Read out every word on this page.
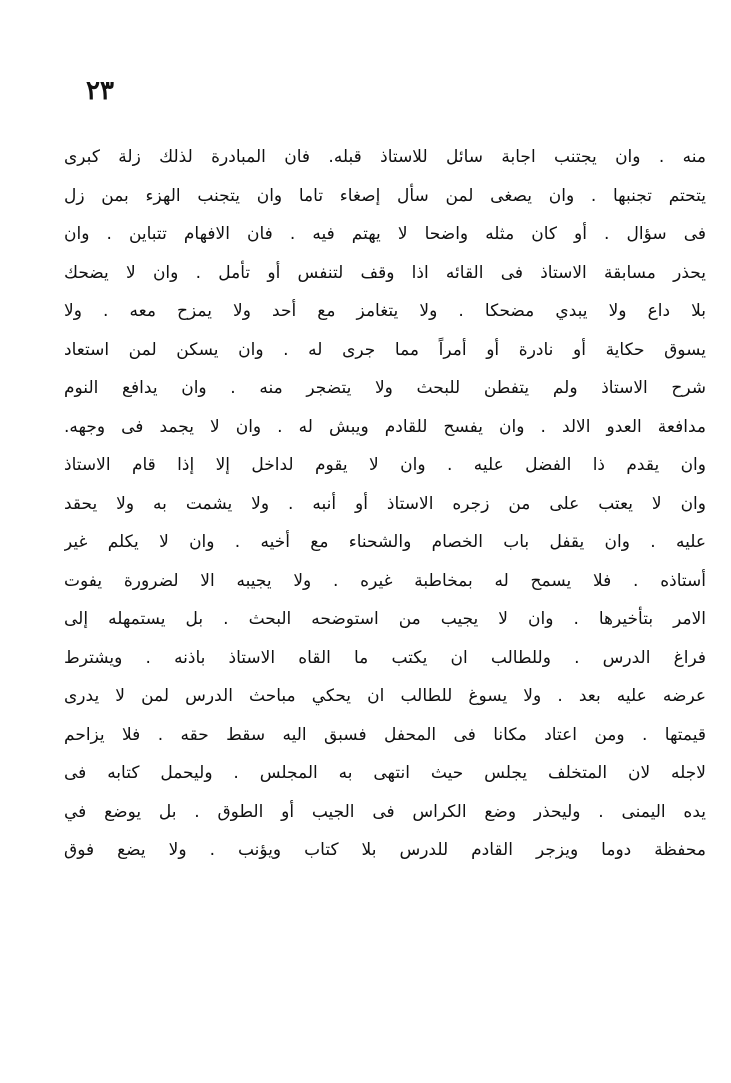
٢٣
منه . وان يجتنب اجابة سائل للاستاذ قبله. فان المبادرة لذلك زلة كبرى
يتحتم تجنبها . وان يصغى لمن سأل إصغاء تاما وان يتجنب الهزء بمن زل
فى سؤال . أو كان مثله واضحا لا يهتم فيه . فان الافهام تتباين . وان
يحذر مسابقة الاستاذ فى القائه اذا وقف لتنفس أو تأمل . وان لا يضحك
بلا داع ولا يبدي مضحكا . ولا يتغامز مع أحد ولا يمزح معه . ولا
يسوق حكاية أو نادرة أو أمراً مما جرى له . وان يسكن لمن استعاد
شرح الاستاذ ولم يتفطن للبحث ولا يتضجر منه . وان يدافع النوم
مدافعة العدو الالد . وان يفسح للقادم ويبش له . وان لا يجمد فى وجهه.
وان يقدم ذا الفضل عليه . وان لا يقوم لداخل إلا إذا قام الاستاذ
وان لا يعتب على من زجره الاستاذ أو أنبه . ولا يشمت به ولا يحقد
عليه . وان يقفل باب الخصام والشحناء مع أخيه . وان لا يكلم غير
أستاذه . فلا يسمح له بمخاطبة غيره . ولا يجيبه الا لضرورة يفوت
الامر بتأخيرها . وان لا يجيب من استوضحه البحث . بل يستمهله إلى
فراغ الدرس . وللطالب ان يكتب ما القاه الاستاذ باذنه . ويشترط
عرضه عليه بعد . ولا يسوغ للطالب ان يحكي مباحث الدرس لمن لا يدرى
قيمتها . ومن اعتاد مكانا فى المحفل فسبق اليه سقط حقه . فلا يزاحم
لاجله لان المتخلف يجلس حيث انتهى به المجلس . وليحمل كتابه فى
يده اليمنى . وليحذر وضع الكراس فى الجيب أو الطوق . بل يوضع في
محفظة دوما ويزجر القادم للدرس بلا كتاب ويؤنب . ولا يضع فوق
